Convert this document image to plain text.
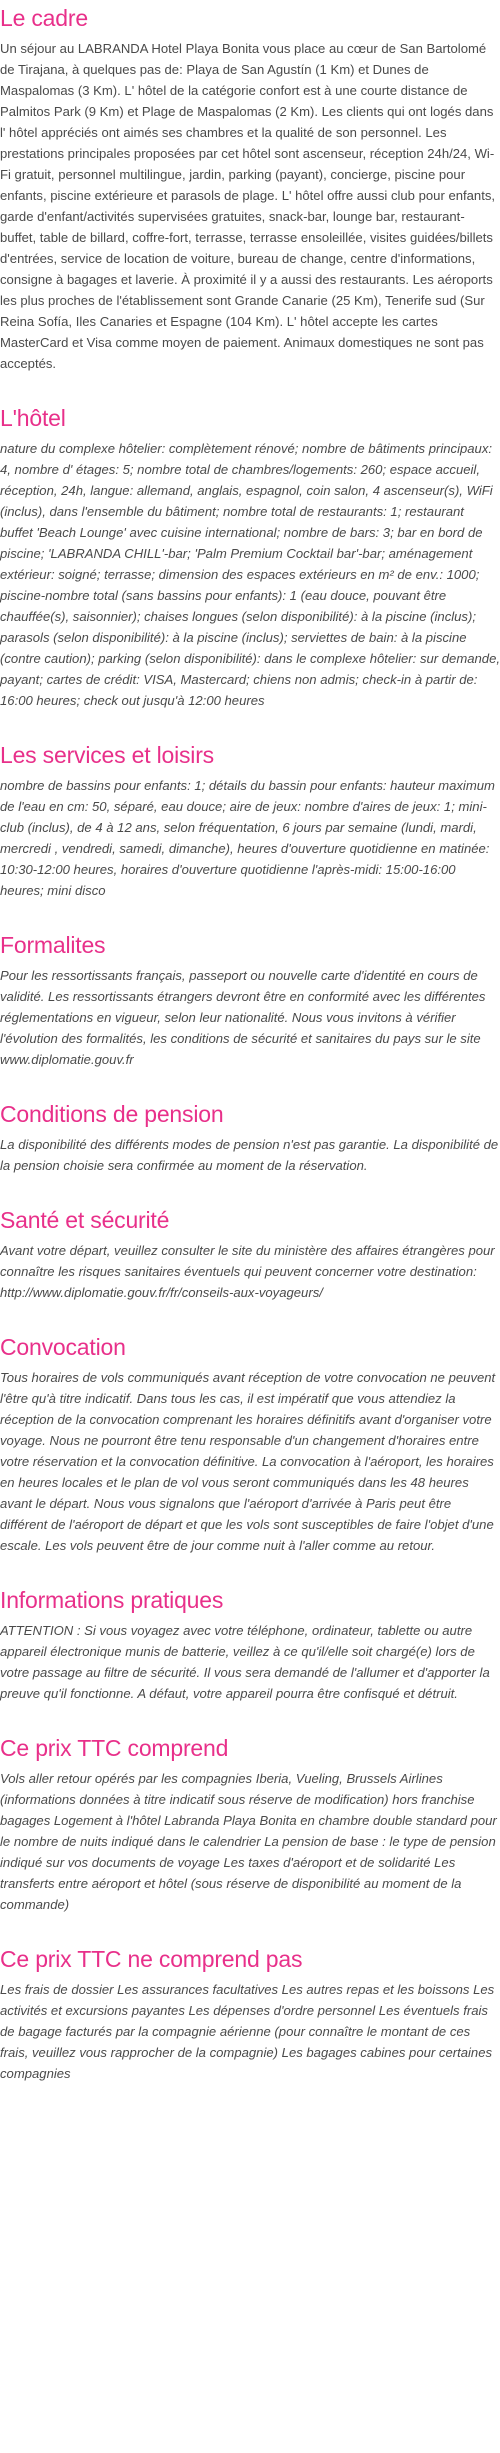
Le cadre

Un séjour au LABRANDA Hotel Playa Bonita vous place au cœur de San Bartolomé de Tirajana, à quelques pas de: Playa de San Agustín (1 Km) et Dunes de Maspalomas (3 Km). L' hôtel de la catégorie confort est à une courte distance de Palmitos Park (9 Km) et Plage de Maspalomas (2 Km). Les clients qui ont logés dans l' hôtel appréciés ont aimés ses chambres et la qualité de son personnel. Les prestations principales proposées par cet hôtel sont ascenseur, réception 24h/24, Wi-Fi gratuit, personnel multilingue, jardin, parking (payant), concierge, piscine pour enfants, piscine extérieure et parasols de plage. L' hôtel offre aussi club pour enfants, garde d'enfant/activités supervisées gratuites, snack-bar, lounge bar, restaurant-buffet, table de billard, coffre-fort, terrasse, terrasse ensoleillée, visites guidées/billets d'entrées, service de location de voiture, bureau de change, centre d'informations, consigne à bagages et laverie. À proximité il y a aussi des restaurants. Les aéroports les plus proches de l'établissement sont Grande Canarie (25 Km), Tenerife sud (Sur Reina Sofía, Iles Canaries et Espagne (104 Km). L' hôtel accepte les cartes MasterCard et Visa comme moyen de paiement. Animaux domestiques ne sont pas acceptés.

L'hôtel

nature du complexe hôtelier: complètement rénové; nombre de bâtiments principaux: 4, nombre d' étages: 5; nombre total de chambres/logements: 260; espace accueil, réception, 24h, langue: allemand, anglais, espagnol, coin salon, 4 ascenseur(s), WiFi (inclus), dans l'ensemble du bâtiment; nombre total de restaurants: 1; restaurant buffet 'Beach Lounge' avec cuisine international; nombre de bars: 3; bar en bord de piscine; 'LABRANDA CHILL'-bar; 'Palm Premium Cocktail bar'-bar; aménagement extérieur: soigné; terrasse; dimension des espaces extérieurs en m² de env.: 1000; piscine-nombre total (sans bassins pour enfants): 1 (eau douce, pouvant être chauffée(s), saisonnier); chaises longues (selon disponibilité): à la piscine (inclus); parasols (selon disponibilité): à la piscine (inclus); serviettes de bain: à la piscine (contre caution); parking (selon disponibilité): dans le complexe hôtelier: sur demande, payant; cartes de crédit: VISA, Mastercard; chiens non admis; check-in à partir de: 16:00 heures; check out jusqu'à 12:00 heures

Les services et loisirs

nombre de bassins pour enfants: 1; détails du bassin pour enfants: hauteur maximum de l'eau en cm: 50, séparé, eau douce; aire de jeux: nombre d'aires de jeux: 1; mini-club (inclus), de 4 à 12 ans, selon fréquentation, 6 jours par semaine (lundi, mardi, mercredi , vendredi, samedi, dimanche), heures d'ouverture quotidienne en matinée: 10:30-12:00 heures, horaires d'ouverture quotidienne l'après-midi: 15:00-16:00 heures; mini disco

Formalites

Pour les ressortissants français, passeport ou nouvelle carte d'identité en cours de validité. Les ressortissants étrangers devront être en conformité avec les différentes réglementations en vigueur, selon leur nationalité. Nous vous invitons à vérifier l'évolution des formalités, les conditions de sécurité et sanitaires du pays sur le site www.diplomatie.gouv.fr

Conditions de pension

La disponibilité des différents modes de pension n'est pas garantie. La disponibilité de la pension choisie sera confirmée au moment de la réservation.

Santé et sécurité

Avant votre départ, veuillez consulter le site du ministère des affaires étrangères pour connaître les risques sanitaires éventuels qui peuvent concerner votre destination: http://www.diplomatie.gouv.fr/fr/conseils-aux-voyageurs/

Convocation

Tous horaires de vols communiqués avant réception de votre convocation ne peuvent l'être qu'à titre indicatif. Dans tous les cas, il est impératif que vous attendiez la réception de la convocation comprenant les horaires définitifs avant d'organiser votre voyage. Nous ne pourront être tenu responsable d'un changement d'horaires entre votre réservation et la convocation définitive. La convocation à l'aéroport, les horaires en heures locales et le plan de vol vous seront communiqués dans les 48 heures avant le départ. Nous vous signalons que l'aéroport d'arrivée à Paris peut être différent de l'aéroport de départ et que les vols sont susceptibles de faire l'objet d'une escale. Les vols peuvent être de jour comme nuit à l'aller comme au retour.

Informations pratiques

ATTENTION : Si vous voyagez avec votre téléphone, ordinateur, tablette ou autre appareil électronique munis de batterie, veillez à ce qu'il/elle soit chargé(e) lors de votre passage au filtre de sécurité. Il vous sera demandé de l'allumer et d'apporter la preuve qu'il fonctionne. A défaut, votre appareil pourra être confisqué et détruit.

Ce prix TTC comprend

Vols aller retour opérés par les compagnies Iberia, Vueling, Brussels Airlines (informations données à titre indicatif sous réserve de modification) hors franchise bagages Logement à l'hôtel Labranda Playa Bonita en chambre double standard pour le nombre de nuits indiqué dans le calendrier La pension de base : le type de pension indiqué sur vos documents de voyage Les taxes d'aéroport et de solidarité Les transferts entre aéroport et hôtel (sous réserve de disponibilité au moment de la commande)

Ce prix TTC ne comprend pas

Les frais de dossier Les assurances facultatives Les autres repas et les boissons Les activités et excursions payantes Les dépenses d'ordre personnel Les éventuels frais de bagage facturés par la compagnie aérienne (pour connaître le montant de ces frais, veuillez vous rapprocher de la compagnie) Les bagages cabines pour certaines compagnies
